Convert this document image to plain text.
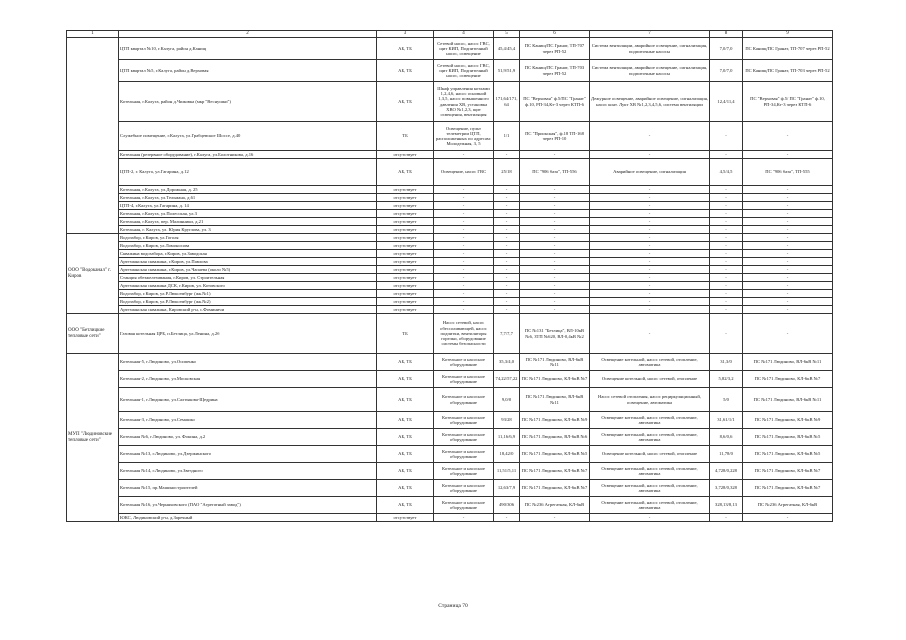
1	2	3	4	5	6	7	8	9
	ЦТП квартал №10, г.Калуга, район д.Канищ	АБ, ТБ	Сетевой насос, насос ГВС, щит КИП, Подпиточный насос, освещение	45,4/45,4	ПС Канищ/ПС Гранат, ТП-707 через РП-52	Система вентиляции, аварийное освещение, сигнализация, подпиточные насосы	7,0/7,0	ПС Канищ/ПС Гранат, ТП-707 через РП-52
	ЦТП квартал №5, г.Калуга, район д.Верховая	АБ, ТБ	Сетевой насос, насос ГВС, щит КИП, Подпиточный насос, освещение	51,9/51,9	ПС Канищ/ПС Гранат, ТП-703 через РП-52	Система вентиляции, аварийное освещение, сигнализация, подпиточные насосы	7,0/7,0	ПС Канищ/ПС Гранат, ТП-703 через РП-52
	Котельная, г.Калуга, район д.Чижовка (мкр "Веснушки")	АБ, ТБ	Шкаф управления котлами 1,2,4,6, насос основной 1,3,5, насос повышенного давления ХВ, установка ХВО №1,2,3, щит освещения, вентиляция	171,64/171,64	ПС "Верховая" ф.5/ПС "Гранат" ф.10, РП-34,Кт-3 через КТП-6	Дежурное освещение, аварийное освещение, сигнализация, насос конт. Лукт ХВ №1,2,3,4,5,6, система вентиляции	12,4/11,4	ПС "Верховая" ф.5/ ПС "Гранат" ф.10, РП-34,Кт-3 через КТП-6
	Служебное помещение, г.Калуга, ул.Грабцевское Шоссе, д.40	ТБ	Освещение, пульт телеметрии ЦТП, расположенных по адресам: Молодежная, 3, 5	1/1	ПС "Приокская", ф.18 ТП-168 через РП-10	-	-	-
	Котельная (резервное оборудование), г.Калуга, ул.Болотникова, д.16	отсутствует	-	-	-	-	-	-
	ЦТП-2, г. Калуга, ул.Гагарина, д.12	АБ, ТБ	Освещение, насос ГВС	25/18	ПС "906 база", ТП-556	Аварийное освещение, сигнализация	4,5/4,5	ПС "906 база", ТП-555
	Котельная, г.Калуга, ул.Дорожная, д. 25	отсутствует	-	-	-	-	-	-
	Котельная, г.Калуга, ул.Тельмана, д.61	отсутствует	-	-	-	-	-	-
	ЦТП-4, г.Калуга, ул.Гагарина, д. 14	отсутствует	-	-	-	-	-	-
	Котельная, г.Калуга, ул.Полесская, ул.3	отсутствует	-	-	-	-	-	-
	Котельная, г.Калуга, пер. Малинники, д.21	отсутствует	-	-	-	-	-	-
	Котельная, г. Калуга, ул. Юрия Круглова, ул. 3	отсутствует	-	-	-	-	-	-
ООО "Водоканал" г. Киров	Водозабор, г.Киров, ул.Гоголя	отсутствует	-	-	-	-	-	-
	Водозабор, г.Киров, ул.Ломоносова	отсутствует	-	-	-	-	-	-
	Скважина водозабора, г.Киров, ул.Заводская	отсутствует	-	-	-	-	-	-
	Артезианская скважина, г.Киров, ул.Павлова	отсутствует	-	-	-	-	-	-
	Артезианская скважина, г.Киров, ул.Чапаева (около №5)	отсутствует	-	-	-	-	-	-
	Станция обезжелезивания, г.Киров, ул. Строительная	отсутствует	-	-	-	-	-	-
	Артезианская скважина ДСК, г.Киров, ул. Котовского	отсутствует	-	-	-	-	-	-
	Водозабор, г.Киров, ул.Р.Люксембург (жк.№1)	отсутствует	-	-	-	-	-	-
	Водозабор, г.Киров, ул.Р.Люксембург (жк.№2)	отсутствует	-	-	-	-	-	-
	Артезианская скважина, Кировский р-н, с.Фоминичи	отсутствует	-	-	-	-	-	-
ООО "Бетлицкие тепловые сети"	Газовая котельная ЦРБ, п.Бетлица, ул.Ленина, д.2б	ТБ	Насос сетевой, насос обессоливающей, насос подпитки, вентиляторы горелки, оборудование системы безопасности	7,7/7,7	ПС №131 "Бетлица", ВЛ-10кВ №6, ЗТП №620, ВЛ-0,4кВ №2	-	-	-
МУП "Людиновские тепловые сети"	Котельная-5, г.Людиново, ул.Осипенко	АБ, ТБ	Котельное и насосное оборудование	35,3/4,0	ПС №171 Людиново, ВЛ-6кВ №11	Освещение котельной, насос сетевой, отопление, автоматика	31,3/0	ПС №171 Людиново, ВЛ-6кВ №11
	Котельная-2, г.Людиново, ул.Московская	АБ, ТБ	Котельное и насосное оборудование	74,22/57,22	ПС №171 Людиново, КЛ-6кВ №7	Освещение котельной, насос сетевой, отопление	5,82/3,2	ПС №171 Людиново, КЛ-6кВ №7
	Котельная-1, г.Людиново, ул.Салтыкова-Щедрина	АБ, ТБ	Котельное и насосное оборудование	9,0/0	ПС №171 Людиново, ВЛ-6кВ №11	Насос сетевой отопления, насос рециркуляционный, освещение, автоматика	5/0	ПС №171 Людиново, ВЛ-6кВ №11
	Котельная-3, г.Людиново, ул.Семашко	АБ, ТБ	Котельное и насосное оборудование	93/28	ПС №171 Людиново, КЛ-6кВ №9	Освещение котельной, насос сетевой, отопление, автоматика	31,61/1/1	ПС №171 Людиново, КЛ-6кВ №9
	Котельная №6, г.Людиново, ул. Фокина, д.2	АБ, ТБ	Котельное и насосное оборудование	11,16/6,9	ПС №171 Людиново, ВЛ-6кВ №6	Освещение котельной, насос сетевой, отопление, автоматика	8,6/0,6	ПС №171 Людиново, ВЛ-6кВ №5
	Котельная №13, г.Людиново, ул.Дзержинского	АБ, ТБ	Котельное и насосное оборудование	18,42/0	ПС №171 Людиново, КЛ-6кВ №5	Освещение котельной, насос сетевой, отопление	11,78/0	ПС №171 Людиново, КЛ-6кВ №5
	Котельная №14, г.Людиново, ул.Звездного	АБ, ТБ	Котельное и насосное оборудование	11,51/5,11	ПС №171 Людиново, КЛ-6кВ №7	Освещение котельной, насос сетевой, отопление, автоматика	4,728/0,228	ПС №171 Людиново, КЛ-6кВ №7
	Котельная №15, пр.Машиностроителей	АБ, ТБ	Котельное и насосное оборудование	12,63/7,9	ПС №171 Людиново, КЛ-6кВ №7	Освещение котельной, насос сетевой, отопление, автоматика	3,728/0,328	ПС №171 Людиново, КЛ-6кВ №7
	Котельная №16, ул.Черняховского (ПАО "Агрегатный завод")	АБ, ТБ	Котельное и насосное оборудование	490/306	ПС №236 Агрегатная, КЛ-6кВ	Освещение котельной, насос сетевой, отопление, автоматика	328,13/8,13	ПС №236 Агрегатная, КЛ-6кВ
	ЮКС, Людиновский р-н, д.Заречный	отсутствует	-	-	-	-	-	-
Страница 70
